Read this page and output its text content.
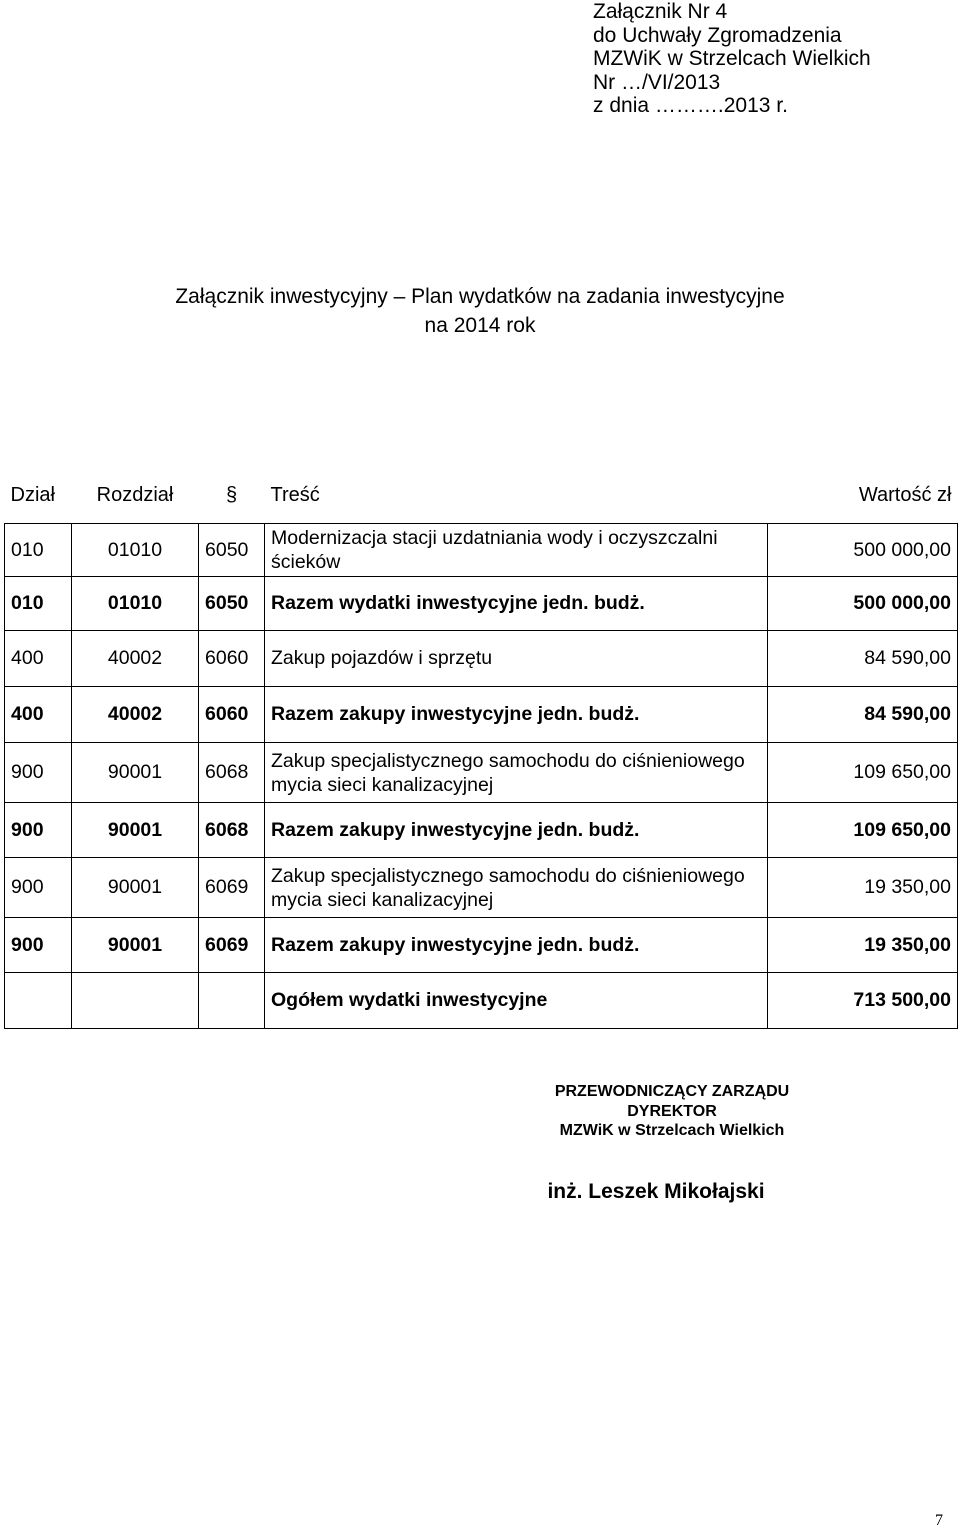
Załącznik Nr 4
do Uchwały Zgromadzenia
MZWiK w Strzelcach Wielkich
Nr …/VI/2013
z dnia ……….2013 r.
Załącznik inwestycyjny – Plan wydatków na zadania inwestycyjne
na 2014 rok
Dział	Rozdział	§	Treść	Wartość zł
010	01010	6050	Modernizacja stacji uzdatniania wody i oczyszczalni ścieków	500 000,00
010	01010	6050	Razem wydatki inwestycyjne jedn. budż.	500 000,00
400	40002	6060	Zakup pojazdów i sprzętu	84 590,00
400	40002	6060	Razem zakupy inwestycyjne jedn. budż.	84 590,00
900	90001	6068	Zakup specjalistycznego samochodu do ciśnieniowego mycia sieci kanalizacyjnej	109 650,00
900	90001	6068	Razem zakupy inwestycyjne jedn. budż.	109 650,00
900	90001	6069	Zakup specjalistycznego samochodu do ciśnieniowego mycia sieci kanalizacyjnej	19 350,00
900	90001	6069	Razem zakupy inwestycyjne jedn. budż.	19 350,00
			Ogółem wydatki inwestycyjne	713 500,00
PRZEWODNICZĄCY ZARZĄDU
DYREKTOR
MZWiK w Strzelcach Wielkich
inż. Leszek Mikołajski
7
